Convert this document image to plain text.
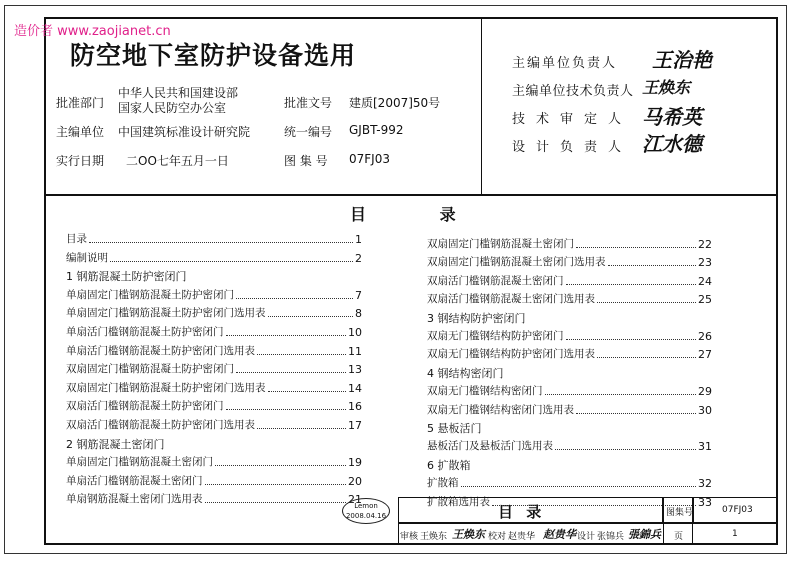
造价者 www.zaojianet.cn
防空地下室防护设备选用
批准部门
中华人民共和国建设部
国家人民防空办公室	批准文号 建质[2007]50号
主编单位 中国建筑标准设计研究院	统一编号 GJBT-992
实行日期 二OO七年五月一日	图 集 号 07FJ03
主编单位负责人 王治艳
主编单位技术负责人 王焕东
技术审定人 马希英
设计负责人 江水德
目 录
目录	1
编制说明	2
1 钢筋混凝土防护密闭门
单扇固定门槛钢筋混凝土防护密闭门	7
单扇固定门槛钢筋混凝土防护密闭门选用表	8
单扇活门槛钢筋混凝土防护密闭门	10
单扇活门槛钢筋混凝土防护密闭门选用表	11
双扇固定门槛钢筋混凝土防护密闭门	13
双扇固定门槛钢筋混凝土防护密闭门选用表	14
双扇活门槛钢筋混凝土防护密闭门	16
双扇活门槛钢筋混凝土防护密闭门选用表	17
2 钢筋混凝土密闭门
单扇固定门槛钢筋混凝土密闭门	19
单扇活门槛钢筋混凝土密闭门	20
单扇钢筋混凝土密闭门选用表	21
双扇固定门槛钢筋混凝土密闭门	22
双扇固定门槛钢筋混凝土密闭门选用表	23
双扇活门槛钢筋混凝土密闭门	24
双扇活门槛钢筋混凝土密闭门选用表	25
3 钢结构防护密闭门
双扇无门槛钢结构防护密闭门	26
双扇无门槛钢结构防护密闭门选用表	27
4 钢结构密闭门
双扇无门槛钢结构密闭门	29
双扇无门槛钢结构密闭门选用表	30
5 悬板活门
悬板活门及悬板活门选用表	31
6 扩散箱
扩散箱	32
扩散箱选用表	33
Lemon
2008.04.16	目 录	图集号	07FJ03
审核 王焕东 王焕东 校对 赵贵华 赵贵华 设计 张锦兵 張錦兵 页	1
